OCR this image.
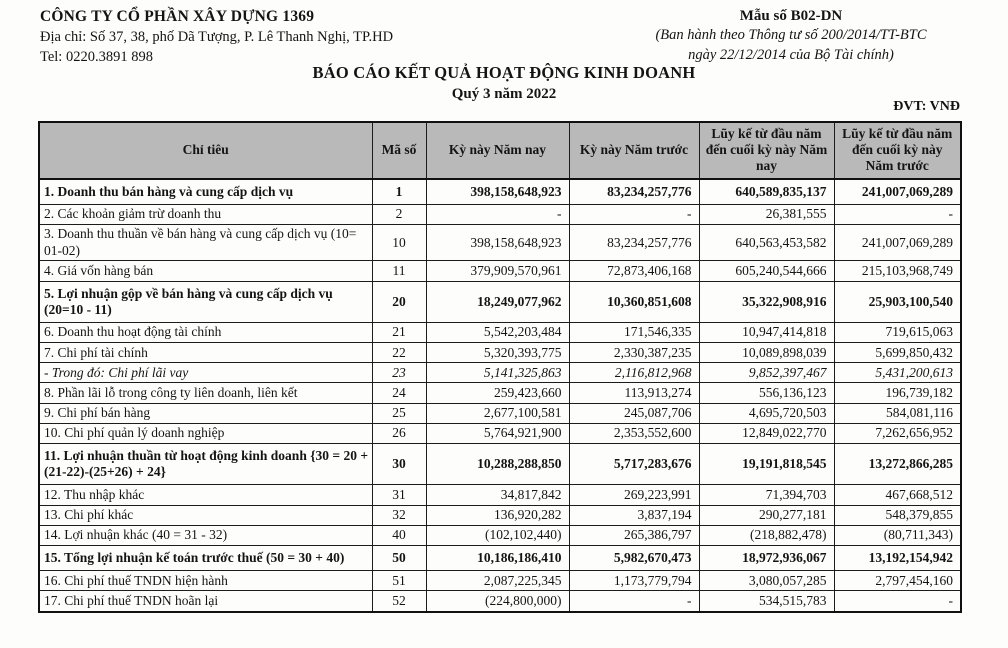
CÔNG TY CỔ PHẦN XÂY DỰNG 1369
Địa chỉ: Số 37, 38, phố Dã Tượng, P. Lê Thanh Nghị, TP.HD
Tel: 0220.3891 898
Mẫu số B02-DN
(Ban hành theo Thông tư số 200/2014/TT-BTC
ngày 22/12/2014 của Bộ Tài chính)
BÁO CÁO KẾT QUẢ HOẠT ĐỘNG KINH DOANH
Quý 3 năm 2022
ĐVT: VNĐ
Chỉ tiêu	Mã số	Kỳ này Năm nay	Kỳ này Năm trước	Lũy kế từ đầu năm đến cuối kỳ này Năm nay	Lũy kế từ đầu năm đến cuối kỳ này Năm trước
1. Doanh thu bán hàng và cung cấp dịch vụ	1	398,158,648,923	83,234,257,776	640,589,835,137	241,007,069,289
2. Các khoản giảm trừ doanh thu	2	-	-	26,381,555	-
3. Doanh thu thuần về bán hàng và cung cấp dịch vụ (10= 01-02)	10	398,158,648,923	83,234,257,776	640,563,453,582	241,007,069,289
4. Giá vốn hàng bán	11	379,909,570,961	72,873,406,168	605,240,544,666	215,103,968,749
5. Lợi nhuận gộp về bán hàng và cung cấp dịch vụ (20=10 - 11)	20	18,249,077,962	10,360,851,608	35,322,908,916	25,903,100,540
6. Doanh thu hoạt động tài chính	21	5,542,203,484	171,546,335	10,947,414,818	719,615,063
7. Chi phí tài chính	22	5,320,393,775	2,330,387,235	10,089,898,039	5,699,850,432
- Trong đó: Chi phí lãi vay	23	5,141,325,863	2,116,812,968	9,852,397,467	5,431,200,613
8. Phần lãi lỗ trong công ty liên doanh, liên kết	24	259,423,660	113,913,274	556,136,123	196,739,182
9. Chi phí bán hàng	25	2,677,100,581	245,087,706	4,695,720,503	584,081,116
10. Chi phí quản lý doanh nghiệp	26	5,764,921,900	2,353,552,600	12,849,022,770	7,262,656,952
11. Lợi nhuận thuần từ hoạt động kinh doanh {30 = 20 + (21-22)-(25+26) + 24}	30	10,288,288,850	5,717,283,676	19,191,818,545	13,272,866,285
12. Thu nhập khác	31	34,817,842	269,223,991	71,394,703	467,668,512
13. Chi phí khác	32	136,920,282	3,837,194	290,277,181	548,379,855
14. Lợi nhuận khác (40 = 31 - 32)	40	(102,102,440)	265,386,797	(218,882,478)	(80,711,343)
15. Tổng lợi nhuận kế toán trước thuế (50 = 30 + 40)	50	10,186,186,410	5,982,670,473	18,972,936,067	13,192,154,942
16. Chi phí thuế TNDN hiện hành	51	2,087,225,345	1,173,779,794	3,080,057,285	2,797,454,160
17. Chi phí thuế TNDN hoãn lại	52	(224,800,000)	-	534,515,783	-
